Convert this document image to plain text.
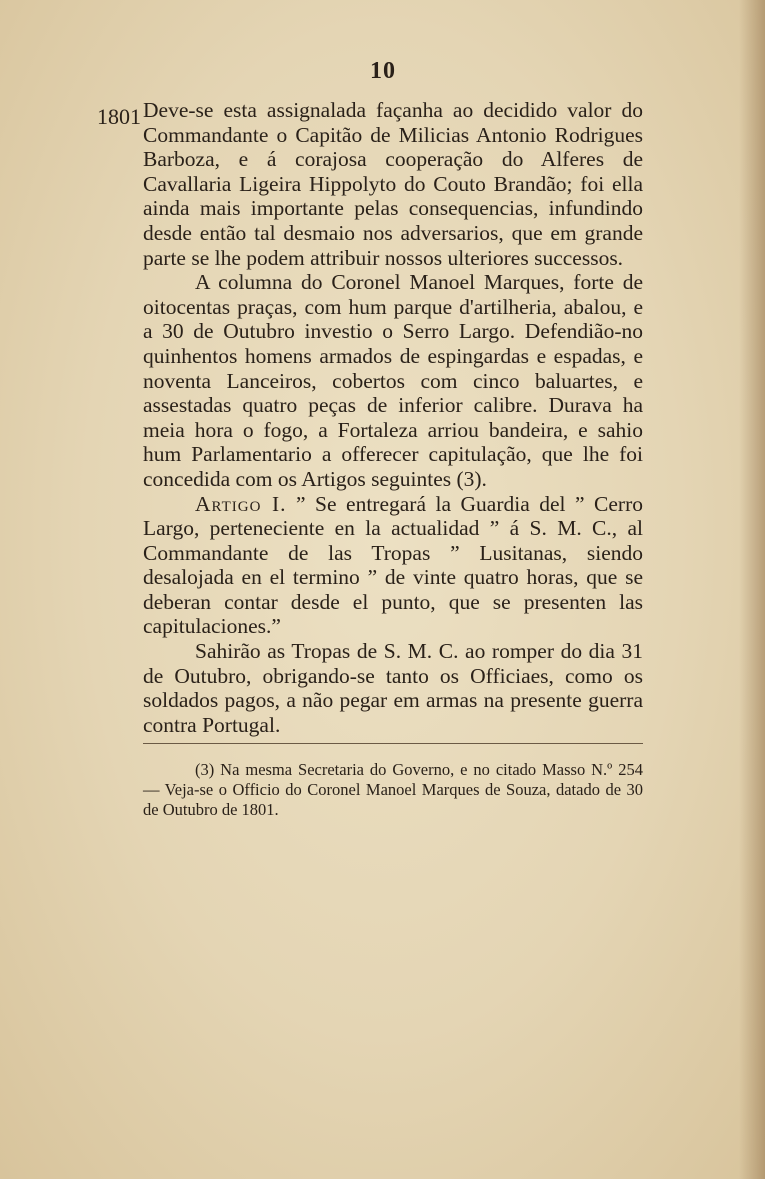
10
1801 Deve-se esta assignalada façanha ao decidido valor do Commandante o Capitão de Milicias Antonio Rodrigues Barboza, e á corajosa cooperação do Alferes de Cavallaria Ligeira Hippolyto do Couto Brandão; foi ella ainda mais importante pelas consequencias, infundindo desde então tal desmaio nos adversarios, que em grande parte se lhe podem attribuir nossos ulteriores successos.

A columna do Coronel Manoel Marques, forte de oitocentas praças, com hum parque d'artilheria, abalou, e a 30 de Outubro investio o Serro Largo. Defendião-no quinhentos homens armados de espingardas e espadas, e noventa Lanceiros, cobertos com cinco baluartes, e assestadas quatro peças de inferior calibre. Durava ha meia hora o fogo, a Fortaleza arriou bandeira, e sahio hum Parlamentario a offerecer capitulação, que lhe foi concedida com os Artigos seguintes (3).

Artigo I. ” Se entregará la Guardia del ” Cerro Largo, perteneciente en la actualidad ” á S. M. C., al Commandante de las Tropas ” Lusitanas, siendo desalojada en el termino ” de vinte quatro horas, que se deberan contar desde el punto, que se presenten las capitulaciones.”

Sahirão as Tropas de S. M. C. ao romper do dia 31 de Outubro, obrigando-se tanto os Officiaes, como os soldados pagos, a não pegar em armas na presente guerra contra Portugal.

(3) Na mesma Secretaria do Governo, e no citado Masso N.º 254 — Veja-se o Officio do Coronel Manoel Marques de Souza, datado de 30 de Outubro de 1801.
